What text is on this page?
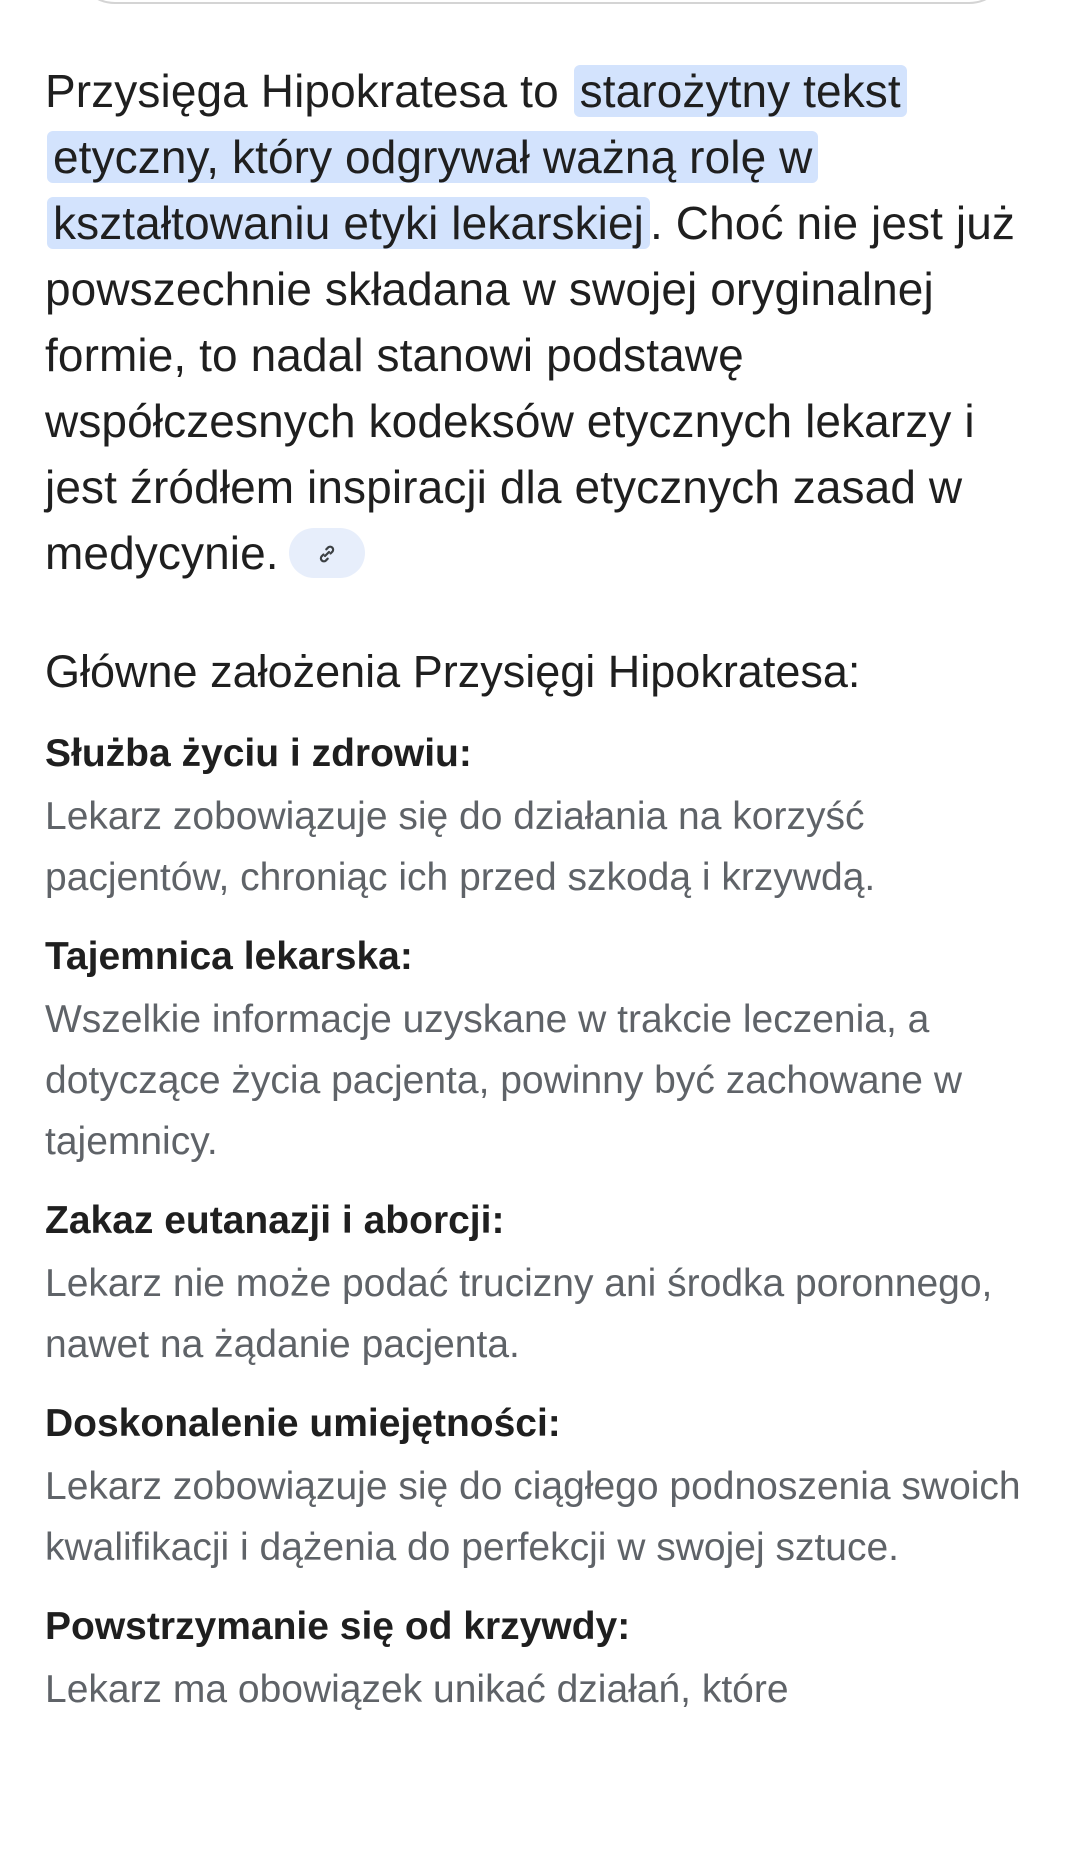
Przysięga Hipokratesa to starożytny tekst etyczny, który odgrywał ważną rolę w kształtowaniu etyki lekarskiej . Choć nie jest już powszechnie składana w swojej oryginalnej formie, to nadal stanowi podstawę współczesnych kodeksów etycznych lekarzy i jest źródłem inspiracji dla etycznych zasad w medycynie.

Główne założenia Przysięgi Hipokratesa:

Służba życiu i zdrowiu:

Lekarz zobowiązuje się do działania na korzyść pacjentów, chroniąc ich przed szkodą i krzywdą.

Tajemnica lekarska:

Wszelkie informacje uzyskane w trakcie leczenia, a dotyczące życia pacjenta, powinny być zachowane w tajemnicy.

Zakaz eutanazji i aborcji:

Lekarz nie może podać trucizny ani środka poronnego, nawet na żądanie pacjenta.

Doskonalenie umiejętności:

Lekarz zobowiązuje się do ciągłego podnoszenia swoich kwalifikacji i dążenia do perfekcji w swojej sztuce.

Powstrzymanie się od krzywdy:

Lekarz ma obowiązek unikać działań, które
